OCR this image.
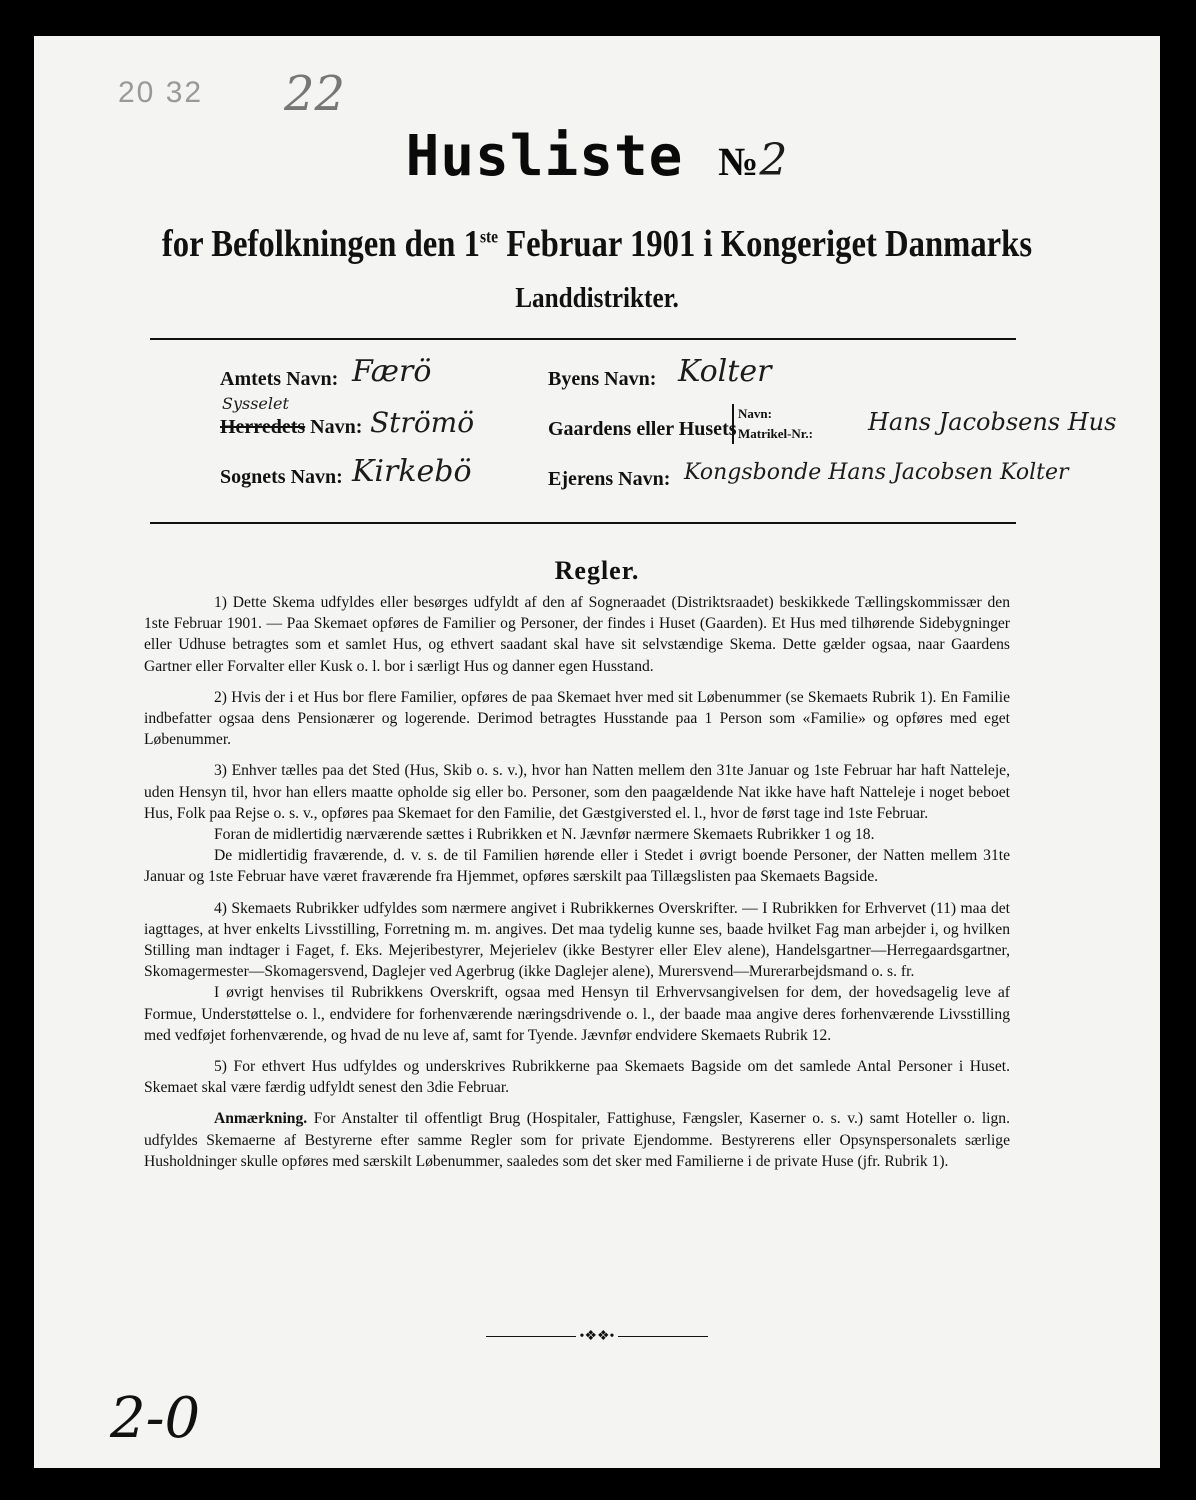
20 32 22
Husliste №2
for Befolkningen den 1ste Februar 1901 i Kongeriget Danmarks
Landdistrikter.
Amtets Navn: Færö
Sysselet
Herredets Navn: Strömö
Sognets Navn: Kirkebö
Byens Navn: Kolter
Gaardens eller Husets
Navn:
Matrikel-Nr.: Hans Jacobsens Hus
Ejerens Navn: Kongsbonde Hans Jacobsen Kolter
Regler.

1) Dette Skema udfyldes eller besørges udfyldt af den af Sogneraadet (Distriktsraadet) beskikkede Tællingskommissær den 1ste Februar 1901. — Paa Skemaet opføres de Familier og Personer, der findes i Huset (Gaarden). Et Hus med tilhørende Sidebygninger eller Udhuse betragtes som et samlet Hus, og ethvert saadant skal have sit selvstændige Skema. Dette gælder ogsaa, naar Gaardens Gartner eller Forvalter eller Kusk o. l. bor i særligt Hus og danner egen Husstand.

2) Hvis der i et Hus bor flere Familier, opføres de paa Skemaet hver med sit Løbenummer (se Skemaets Rubrik 1). En Familie indbefatter ogsaa dens Pensionærer og logerende. Derimod betragtes Husstande paa 1 Person som «Familie» og opføres med eget Løbenummer.

3) Enhver tælles paa det Sted (Hus, Skib o. s. v.), hvor han Natten mellem den 31te Januar og 1ste Februar har haft Natteleje, uden Hensyn til, hvor han ellers maatte opholde sig eller bo. Personer, som den paagældende Nat ikke have haft Natteleje i noget beboet Hus, Folk paa Rejse o. s. v., opføres paa Skemaet for den Familie, det Gæstgiversted el. l., hvor de først tage ind 1ste Februar.

Foran de midlertidig nærværende sættes i Rubrikken et N. Jævnfør nærmere Skemaets Rubrikker 1 og 18.

De midlertidig fraværende, d. v. s. de til Familien hørende eller i Stedet i øvrigt boende Personer, der Natten mellem 31te Januar og 1ste Februar have været fraværende fra Hjemmet, opføres særskilt paa Tillægslisten paa Skemaets Bagside.

4) Skemaets Rubrikker udfyldes som nærmere angivet i Rubrikkernes Overskrifter. — I Rubrikken for Erhvervet (11) maa det iagttages, at hver enkelts Livsstilling, Forretning m. m. angives. Det maa tydelig kunne ses, baade hvilket Fag man arbejder i, og hvilken Stilling man indtager i Faget, f. Eks. Mejeribestyrer, Mejerielev (ikke Bestyrer eller Elev alene), Handelsgartner—Herregaardsgartner, Skomagermester—Skomagersvend, Daglejer ved Agerbrug (ikke Daglejer alene), Murersvend—Murerarbejdsmand o. s. fr.

I øvrigt henvises til Rubrikkens Overskrift, ogsaa med Hensyn til Erhvervsangivelsen for dem, der hovedsagelig leve af Formue, Understøttelse o. l., endvidere for forhenværende næringsdrivende o. l., der baade maa angive deres forhenværende Livsstilling med vedføjet forhenværende, og hvad de nu leve af, samt for Tyende. Jævnfør endvidere Skemaets Rubrik 12.

5) For ethvert Hus udfyldes og underskrives Rubrikkerne paa Skemaets Bagside om det samlede Antal Personer i Huset. Skemaet skal være færdig udfyldt senest den 3die Februar.

Anmærkning. For Anstalter til offentligt Brug (Hospitaler, Fattighuse, Fængsler, Kaserner o. s. v.) samt Hoteller o. lign. udfyldes Skemaerne af Bestyrerne efter samme Regler som for private Ejendomme. Bestyrerens eller Opsynspersonalets særlige Husholdninger skulle opføres med særskilt Løbenummer, saaledes som det sker med Familierne i de private Huse (jfr. Rubrik 1).

•❖❖•
2-0
